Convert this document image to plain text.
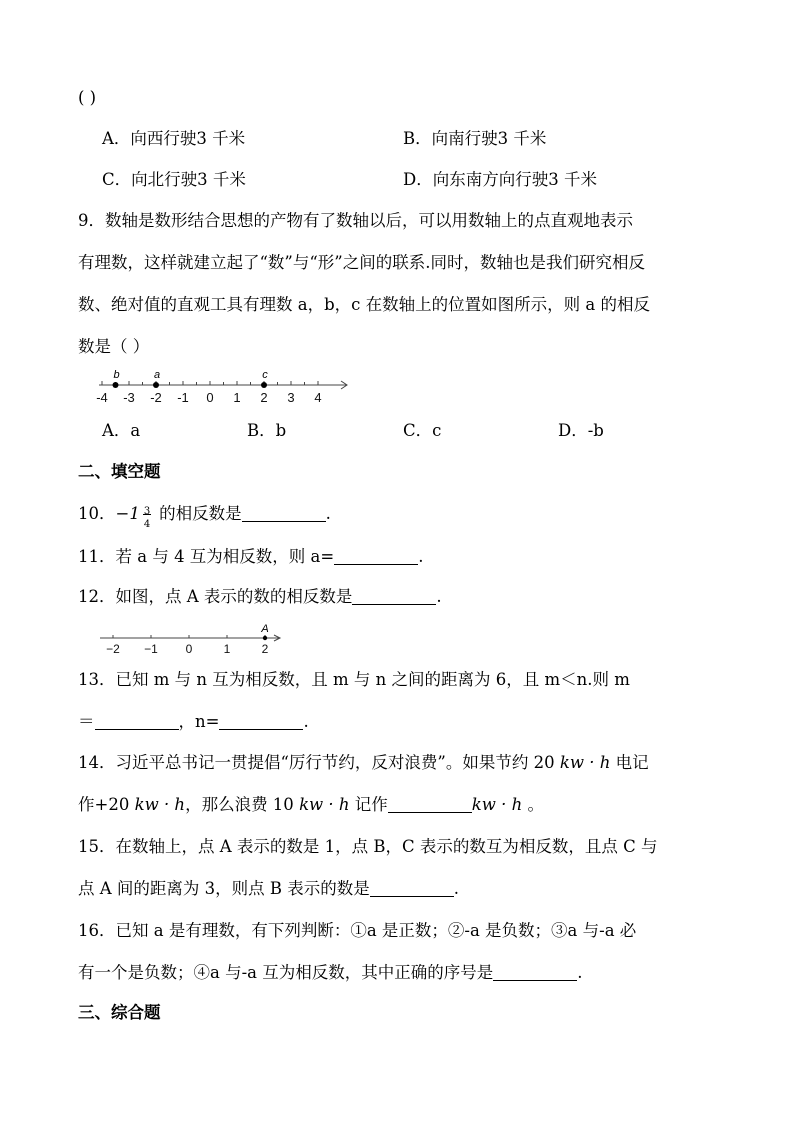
( )
A．向西行驶3 千米	B．向南行驶3 千米
C．向北行驶3 千米	D．向东南方向行驶3 千米
9．数轴是数形结合思想的产物有了数轴以后，可以用数轴上的点直观地表示
有理数，这样就建立起了“数”与“形”之间的联系.同时，数轴也是我们研究相反
数、绝对值的直观工具有理数 a，b，c 在数轴上的位置如图所示，则 a 的相反
数是（ ）
-4 -3 -2 -1 0 1 2 3 4
b	a	c
A．a	B．b	C．c	D．-b
二、填空题
10．−1 3
4
的相反数是	.
11．若 a 与 4 互为相反数，则 a=	.
12．如图，点 A 表示的数的相反数是	.
−2 −1 0	1	2
A
13．已知 m 与 n 互为相反数，且 m 与 n 之间的距离为 6，且 m＜n.则 m
＝	，n=	.
14．习近平总书记一贯提倡“厉行节约，反对浪费”。如果节约 20 kw · h 电记
作+20 kw · h，那么浪费 10 kw · h 记作	kw · h 。
15．在数轴上，点 A 表示的数是 1，点 B，C 表示的数互为相反数，且点 C 与
点 A 间的距离为 3，则点 B 表示的数是	.
16．已知 a 是有理数，有下列判断：①a 是正数；②-a 是负数；③a 与-a 必
有一个是负数；④a 与-a 互为相反数，其中正确的序号是	.
三、综合题
